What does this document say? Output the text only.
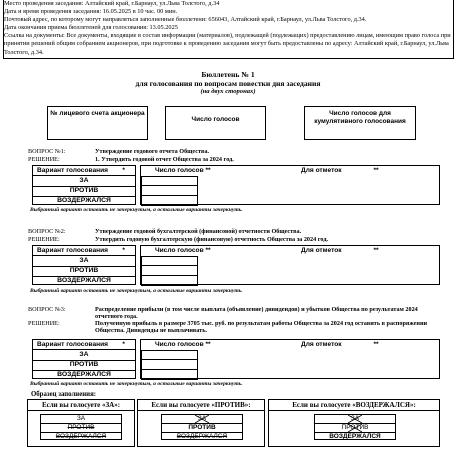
Место проведения заседания: Алтайский край, г.Барнаул, ул.Льва Толстого, д.34
Дата и время проведения заседания: 16.05.2025 в 10 час. 00 мин.
Почтовый адрес, по которому могут направляться заполненные бюллетени: 656043, Алтайский край, г.Барнаул, ул.Льва Толстого, д.34.
Дата окончания приема бюллетеней для голосования: 13.05.2025
Ссылка на документы: Все документы, входящие в состав информации (материалов), подлежащей (подлежащих) предоставлению лицам, имеющим право голоса при принятии решений общим собранием акционеров, при подготовке к проведению заседания могут быть предоставлены по адресу: Алтайский край, г.Барнаул, ул.Льва Толстого, д.34.
Бюллетень № 1
для голосования по вопросам повестки дня заседания
(на двух сторонах)
№ лицевого счета акционера
Число голосов
Число голосов для кумулятивного голосования
ВОПРОС №1:	Утверждение годового отчета Общества.
РЕШЕНИЕ:	1. Утвердить годовой отчет Общества за 2024 год.
Вариант голосования *
ЗА
ПРОТИВ
ВОЗДЕРЖАЛСЯ
Число голосов **	Для отметок	**
Выбранный вариант оставить не зачеркнутым, а остальные варианты зачеркнуть.
ВОПРОС №2:	Утверждение годовой бухгалтерской (финансовой) отчетности Общества.
РЕШЕНИЕ:	Утвердить годовую бухгалтерскую (финансовую) отчетность Общества за 2024 год.
Вариант голосования *
ЗА
ПРОТИВ
ВОЗДЕРЖАЛСЯ
Число голосов **	Для отметок	**
Выбранный вариант оставить не зачеркнутым, а остальные варианты зачеркнуть.
ВОПРОС №3:	Распределение прибыли (в том числе выплата (объявление) дивидендов) и убытков Общества по результатам 2024 отчетного года.
РЕШЕНИЕ:	Полученную прибыль в размере 3705 тыс. руб. по результатам работы Общества за 2024 год оставить в распоряжении Общества. Дивиденды не выплачивать.
Вариант голосования *
ЗА
ПРОТИВ
ВОЗДЕРЖАЛСЯ
Число голосов **	Для отметок	**
Выбранный вариант оставить не зачеркнутым, а остальные варианты зачеркнуть.
Образец заполнения:
Если вы голосуете «ЗА»:
ЗА
ПРОТИВ
ВОЗДЕРЖАЛСЯ
Если вы голосуете «ПРОТИВ»:
ЗА
ПРОТИВ
ВОЗДЕРЖАЛСЯ
Если вы голосуете «ВОЗДЕРЖАЛСЯ»:
ЗА
ПРОТИВ
ВОЗДЕРЖАЛСЯ
